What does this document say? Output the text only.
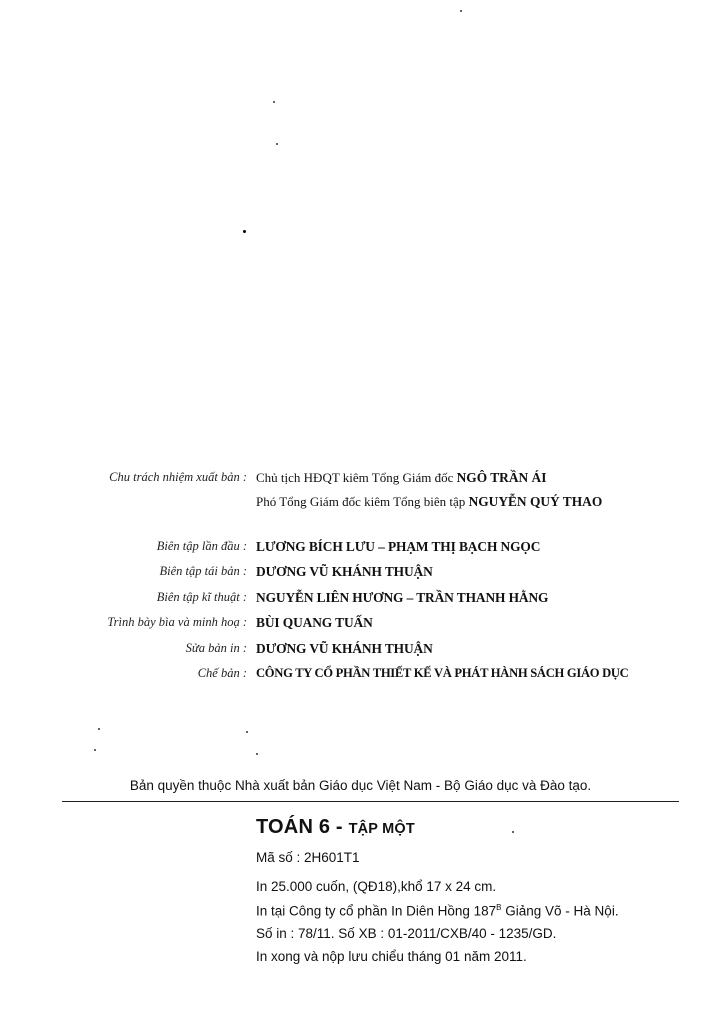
Chu trách nhiệm xuất bản : Chủ tịch HĐQT kiêm Tổng Giám đốc NGÔ TRẦN ÁI
Phó Tổng Giám đốc kiêm Tổng biên tập NGUYỄN QUÝ THAO
Biên tập lần đầu : LƯƠNG BÍCH LƯU – PHẠM THỊ BẠCH NGỌC
Biên tập tái bản : DƯƠNG VŨ KHÁNH THUẬN
Biên tập kĩ thuật : NGUYỄN LIÊN HƯƠNG – TRẦN THANH HẰNG
Trình bày bìa và minh hoạ : BÙI QUANG TUẤN
Sửa bản in : DƯƠNG VŨ KHÁNH THUẬN
Chế bản : CÔNG TY CỔ PHẦN THIẾT KẾ VÀ PHÁT HÀNH SÁCH GIÁO DỤC
Bản quyền thuộc Nhà xuất bản Giáo dục Việt Nam - Bộ Giáo dục và Đào tạo.
TOÁN 6 - TẬP MỘT
Mã số : 2H601T1
In 25.000 cuốn, (QĐ18),khổ 17 x 24 cm.
In tại Công ty cổ phần In Diên Hồng $187^B$ Giảng Võ - Hà Nội.
Số in : 78/11. Số XB : 01-2011/CXB/40 - 1235/GD.
In xong và nộp lưu chiểu tháng 01 năm 2011.
